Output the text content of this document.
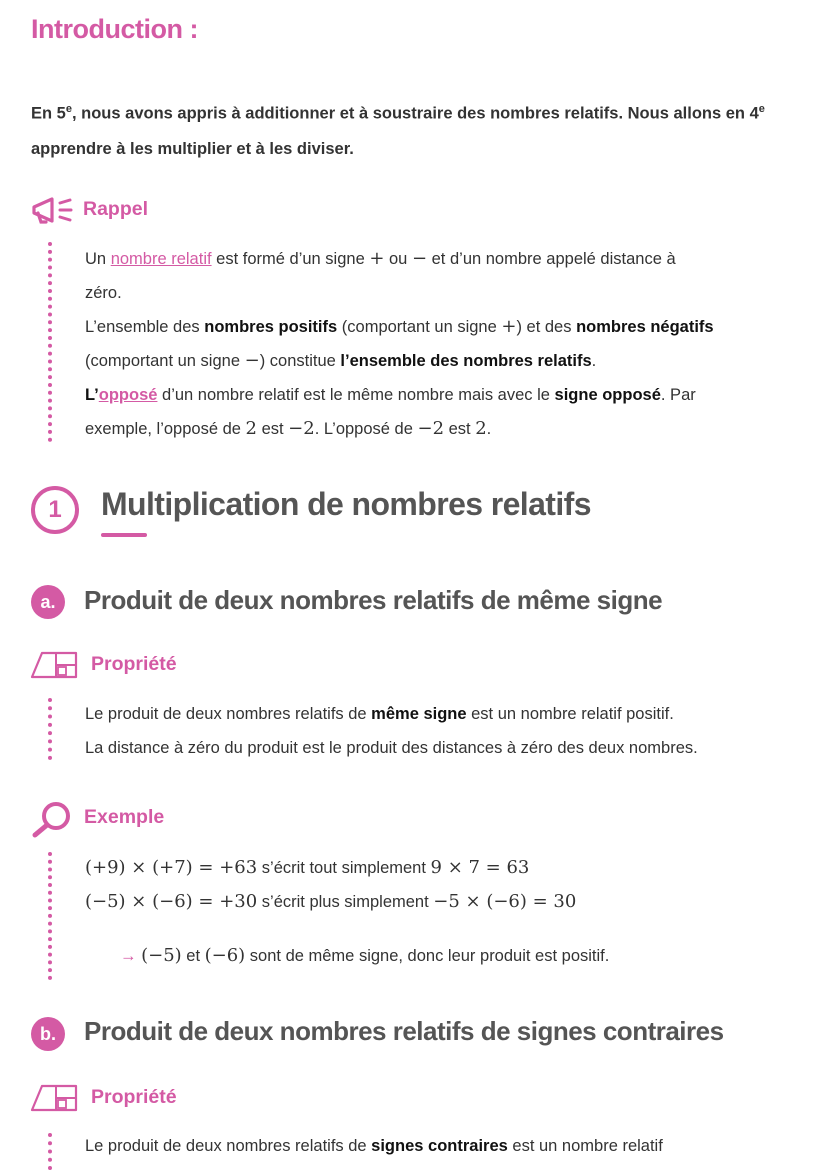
Introduction :
En 5e, nous avons appris à additionner et à soustraire des nombres relatifs. Nous allons en 4e
apprendre à les multiplier et à les diviser.
Rappel
Un nombre relatif est formé d’un signe + ou − et d’un nombre appelé distance à
zéro.
L’ensemble des nombres positifs (comportant un signe +) et des nombres négatifs
(comportant un signe −) constitue l’ensemble des nombres relatifs.
L’opposé d’un nombre relatif est le même nombre mais avec le signe opposé. Par
exemple, l’opposé de 2 est −2. L’opposé de −2 est 2.
1	Multiplication de nombres relatifs
a.	Produit de deux nombres relatifs de même signe
Propriété
Le produit de deux nombres relatifs de même signe est un nombre relatif positif.
La distance à zéro du produit est le produit des distances à zéro des deux nombres.
Exemple
(+9) × (+7) = +63 s’écrit tout simplement 9 × 7 = 63
(−5) × (−6) = +30 s’écrit plus simplement −5 × (−6) = 30
→ (−5) et (−6) sont de même signe, donc leur produit est positif.
b.	Produit de deux nombres relatifs de signes contraires
Propriété
Le produit de deux nombres relatifs de signes contraires est un nombre relatif
